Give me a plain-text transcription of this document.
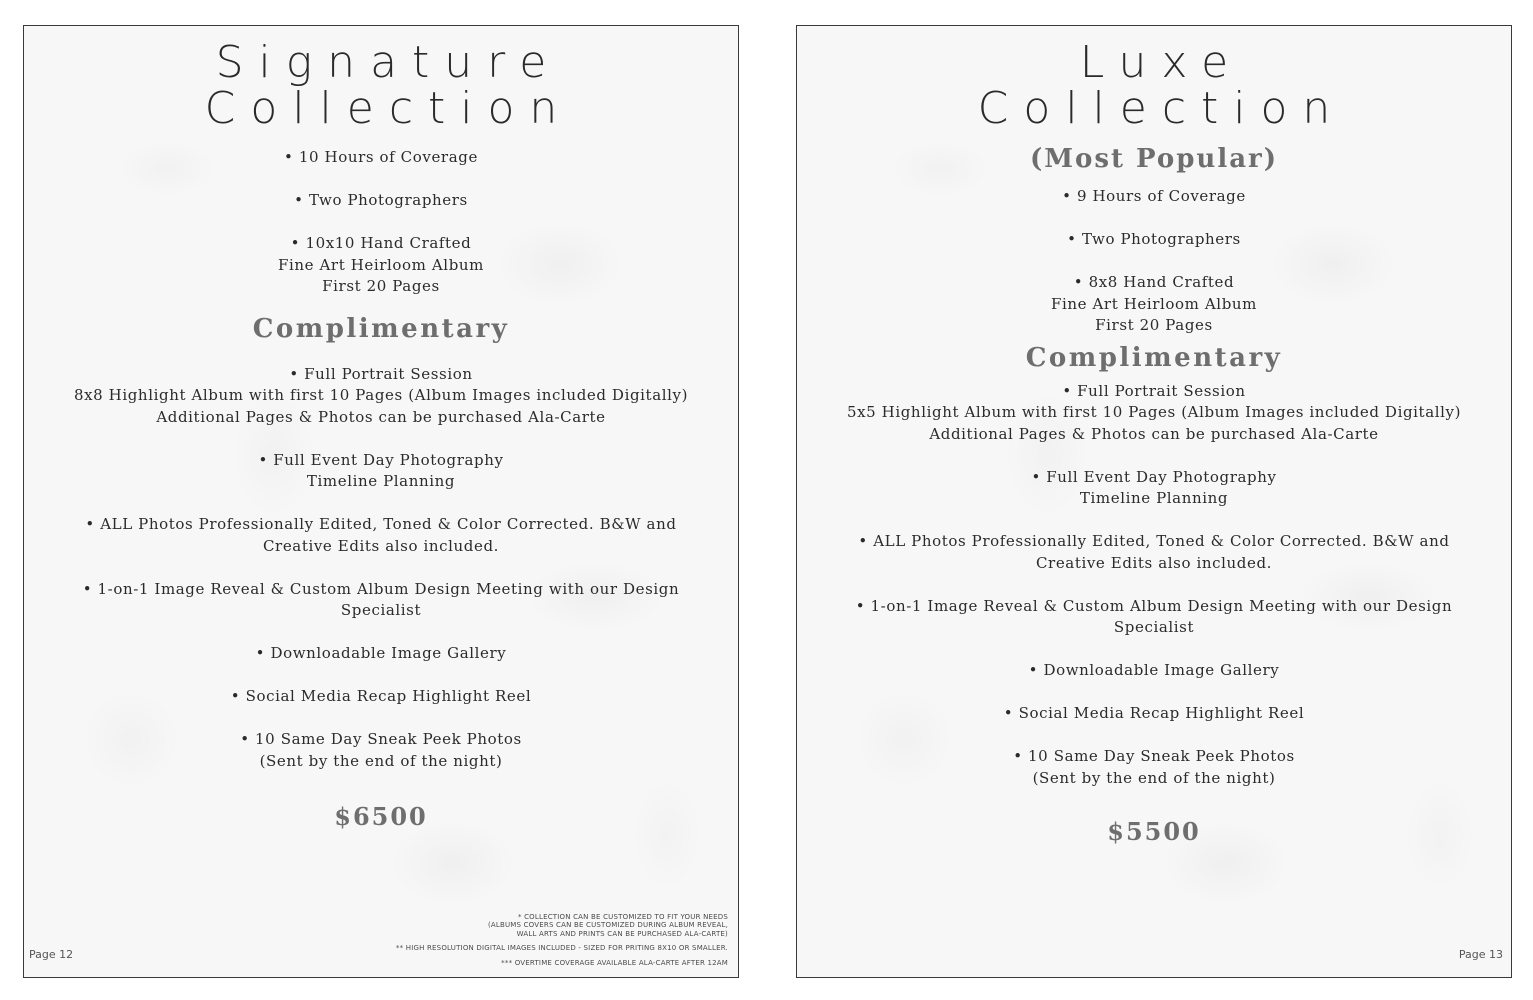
Signature
Collection
• 10 Hours of Coverage
• Two Photographers
• 10x10 Hand Crafted
Fine Art Heirloom Album
First 20 Pages
Complimentary
• Full Portrait Session
8x8 Highlight Album with first 10 Pages (Album Images included Digitally)
Additional Pages & Photos can be purchased Ala-Carte
• Full Event Day Photography
Timeline Planning
• ALL Photos Professionally Edited, Toned & Color Corrected. B&W and
Creative Edits also included.
• 1-on-1 Image Reveal & Custom Album Design Meeting with our Design
Specialist
• Downloadable Image Gallery
• Social Media Recap Highlight Reel
• 10 Same Day Sneak Peek Photos
(Sent by the end of the night)
$6500
* COLLECTION CAN BE CUSTOMIZED TO FIT YOUR NEEDS
(ALBUMS COVERS CAN BE CUSTOMIZED DURING ALBUM REVEAL,
WALL ARTS AND PRINTS CAN BE PURCHASED ALA-CARTE)
** HIGH RESOLUTION DIGITAL IMAGES INCLUDED - SIZED FOR PRITING 8X10 OR SMALLER.
*** OVERTIME COVERAGE AVAILABLE ALA-CARTE AFTER 12AM
Page 12
Luxe
Collection
(Most Popular)
• 9 Hours of Coverage
• Two Photographers
• 8x8 Hand Crafted
Fine Art Heirloom Album
First 20 Pages
Complimentary
• Full Portrait Session
5x5 Highlight Album with first 10 Pages (Album Images included Digitally)
Additional Pages & Photos can be purchased Ala-Carte
• Full Event Day Photography
Timeline Planning
• ALL Photos Professionally Edited, Toned & Color Corrected. B&W and
Creative Edits also included.
• 1-on-1 Image Reveal & Custom Album Design Meeting with our Design
Specialist
• Downloadable Image Gallery
• Social Media Recap Highlight Reel
• 10 Same Day Sneak Peek Photos
(Sent by the end of the night)
$5500
Page 13
